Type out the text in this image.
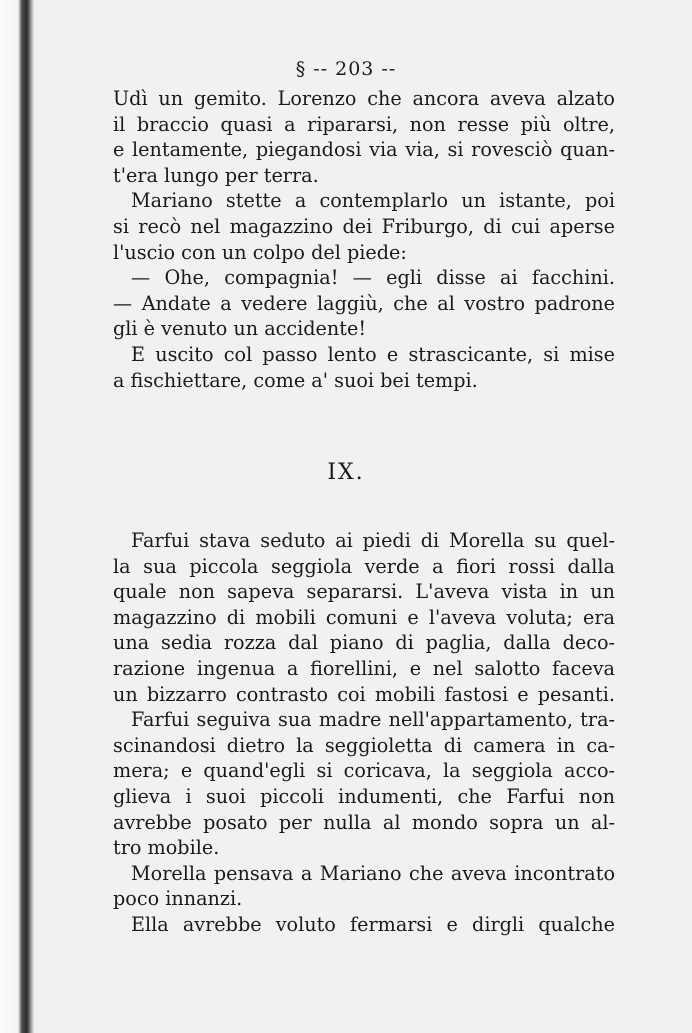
§ -- 203 --
Udì un gemito. Lorenzo che ancora aveva alzato
il braccio quasi a ripararsi, non resse più oltre,
e lentamente, piegandosi via via, si rovesciò quan-
t'era lungo per terra.
Mariano stette a contemplarlo un istante, poi
si recò nel magazzino dei Friburgo, di cui aperse
l'uscio con un colpo del piede:
— Ohe, compagnia! — egli disse ai facchini.
— Andate a vedere laggiù, che al vostro padrone
gli è venuto un accidente!
E uscito col passo lento e strascicante, si mise
a fischiettare, come a' suoi bei tempi.
IX.
Farfui stava seduto ai piedi di Morella su quel-
la sua piccola seggiola verde a fiori rossi dalla
quale non sapeva separarsi. L'aveva vista in un
magazzino di mobili comuni e l'aveva voluta; era
una sedia rozza dal piano di paglia, dalla deco-
razione ingenua a fiorellini, e nel salotto faceva
un bizzarro contrasto coi mobili fastosi e pesanti.
Farfui seguiva sua madre nell'appartamento, tra-
scinandosi dietro la seggioletta di camera in ca-
mera; e quand'egli si coricava, la seggiola acco-
glieva i suoi piccoli indumenti, che Farfui non
avrebbe posato per nulla al mondo sopra un al-
tro mobile.
Morella pensava a Mariano che aveva incontrato
poco innanzi.
Ella avrebbe voluto fermarsi e dirgli qualche
